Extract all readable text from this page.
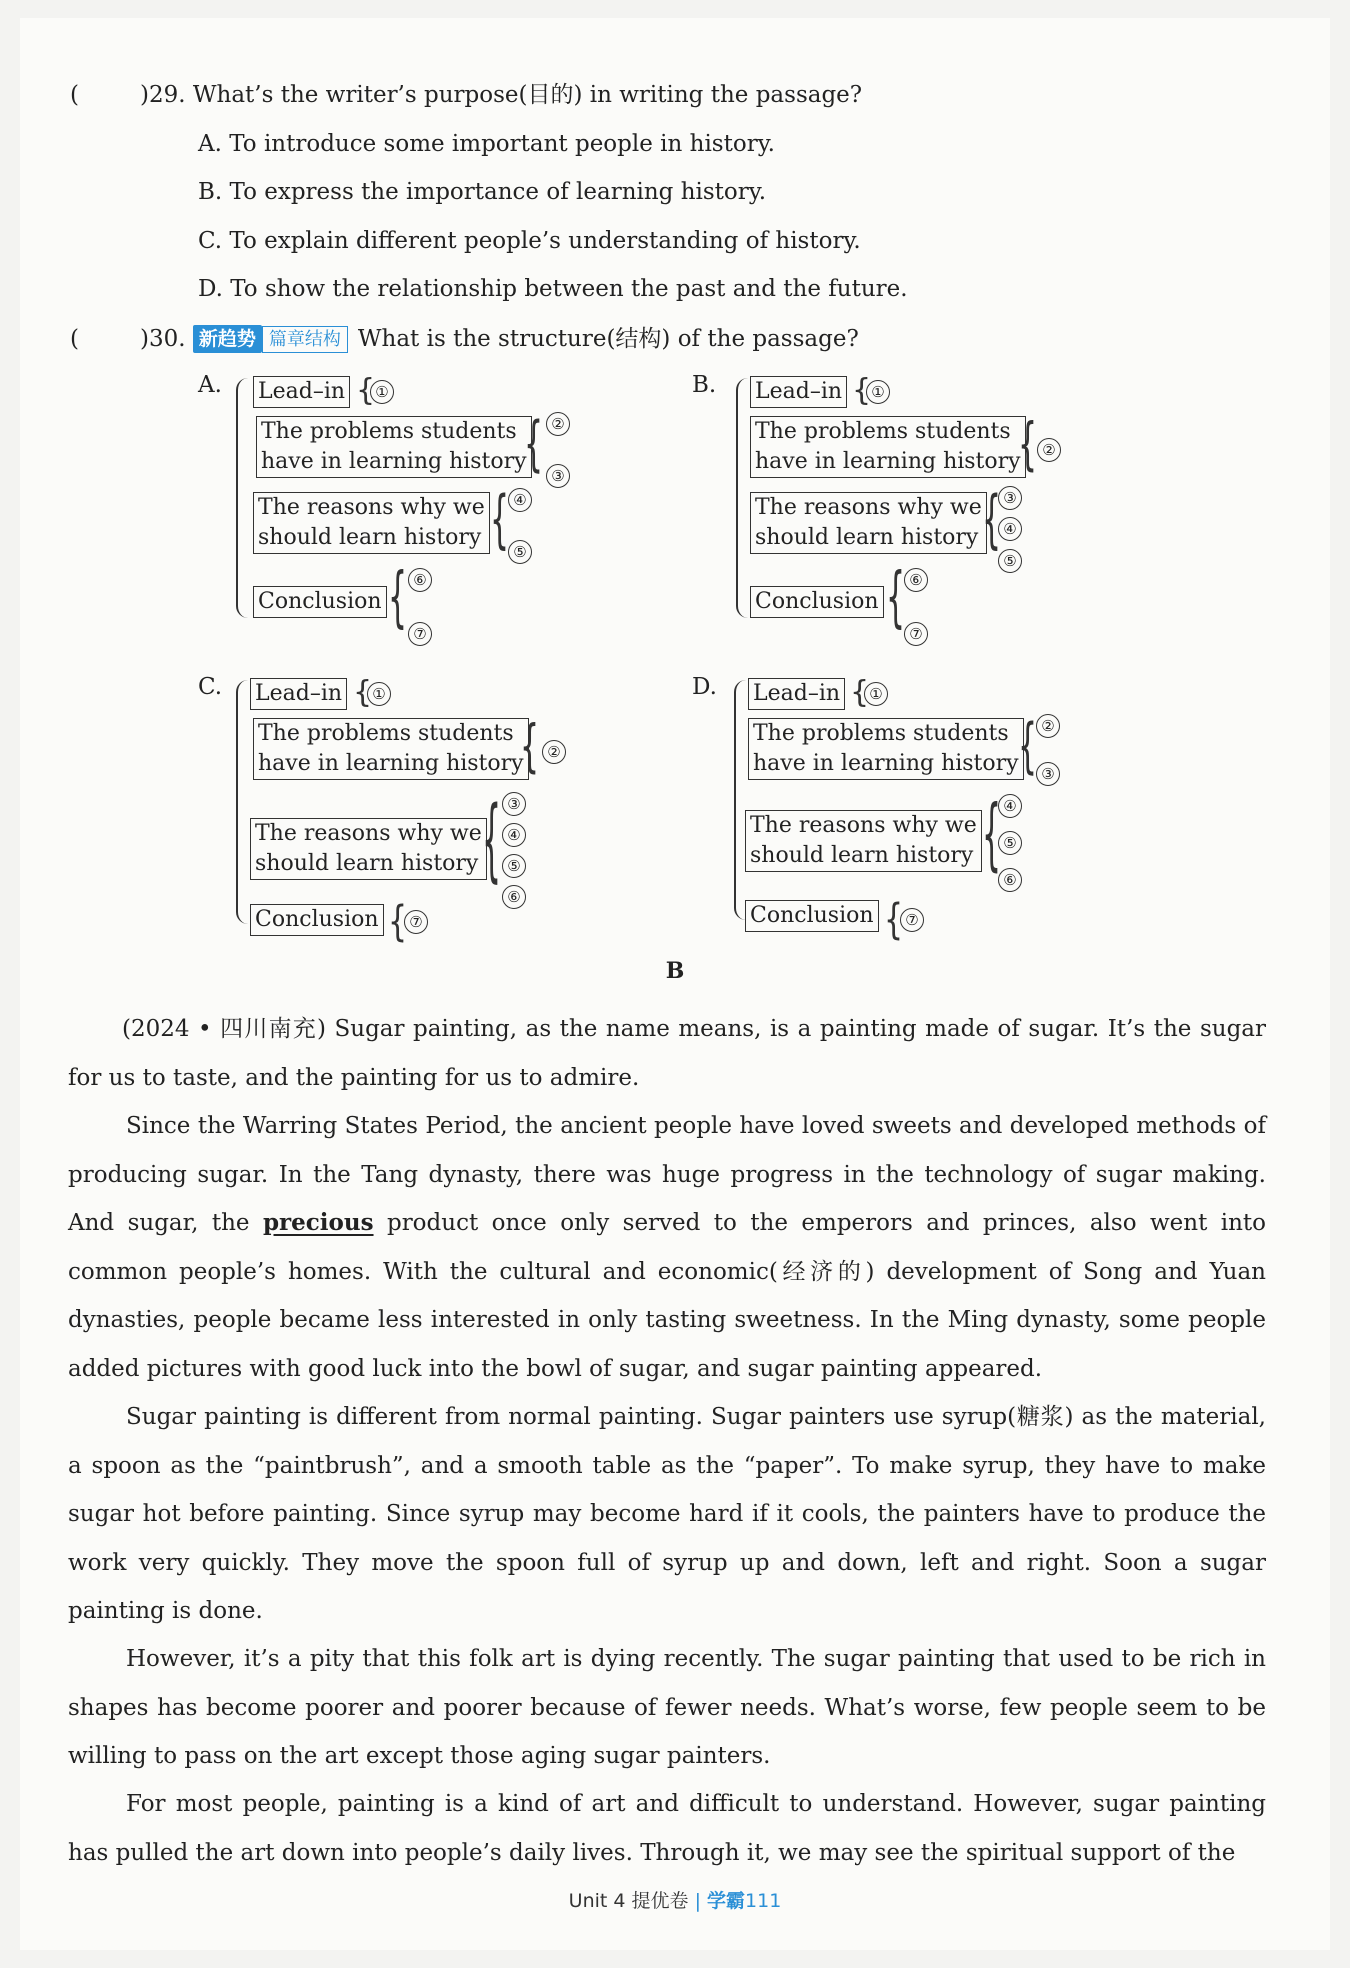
(	)29. What’s the writer’s purpose(目的) in writing the passage?
A. To introduce some important people in history.
B. To express the importance of learning history.
C. To explain different people’s understanding of history.
D. To show the relationship between the past and the future.
(	)30. 新趋势 篇章结构 What is the structure(结构) of the passage?
A. Lead–in { ①
The problems students
have in learning history
{ ②
③
The reasons why we
should learn history { ④
⑤
Conclusion { ⑥
⑦
B. Lead–in { ①
The problems students
have in learning history
{ ②
The reasons why we
should learn history { ③
④
⑤
Conclusion { ⑥
⑦
C. Lead–in { ①
The problems students
have in learning history
{ ②
The reasons why we
should learn history { ③
④
⑤
⑥
Conclusion { ⑦
D. Lead–in { ①
The problems students
have in learning history { ②
③
The reasons why we
should learn history { ④
⑤
⑥
Conclusion { ⑦
B
(2024 • 四川南充) Sugar painting, as the name means, is a painting made of sugar. It’s the sugar for us to taste, and the painting for us to admire.
Since the Warring States Period, the ancient people have loved sweets and developed methods of producing sugar. In the Tang dynasty, there was huge progress in the technology of sugar making. And sugar, the precious product once only served to the emperors and princes, also went into common people’s homes. With the cultural and economic(经济的) development of Song and Yuan dynasties, people became less interested in only tasting sweetness. In the Ming dynasty, some people added pictures with good luck into the bowl of sugar, and sugar painting appeared.
Sugar painting is different from normal painting. Sugar painters use syrup(糖浆) as the material, a spoon as the “paintbrush”, and a smooth table as the “paper”. To make syrup, they have to make sugar hot before painting. Since syrup may become hard if it cools, the painters have to produce the work very quickly. They move the spoon full of syrup up and down, left and right. Soon a sugar painting is done.
However, it’s a pity that this folk art is dying recently. The sugar painting that used to be rich in shapes has become poorer and poorer because of fewer needs. What’s worse, few people seem to be willing to pass on the art except those aging sugar painters.
For most people, painting is a kind of art and difficult to understand. However, sugar painting has pulled the art down into people’s daily lives. Through it, we may see the spiritual support of the
Unit 4 提优卷 | 学霸111
